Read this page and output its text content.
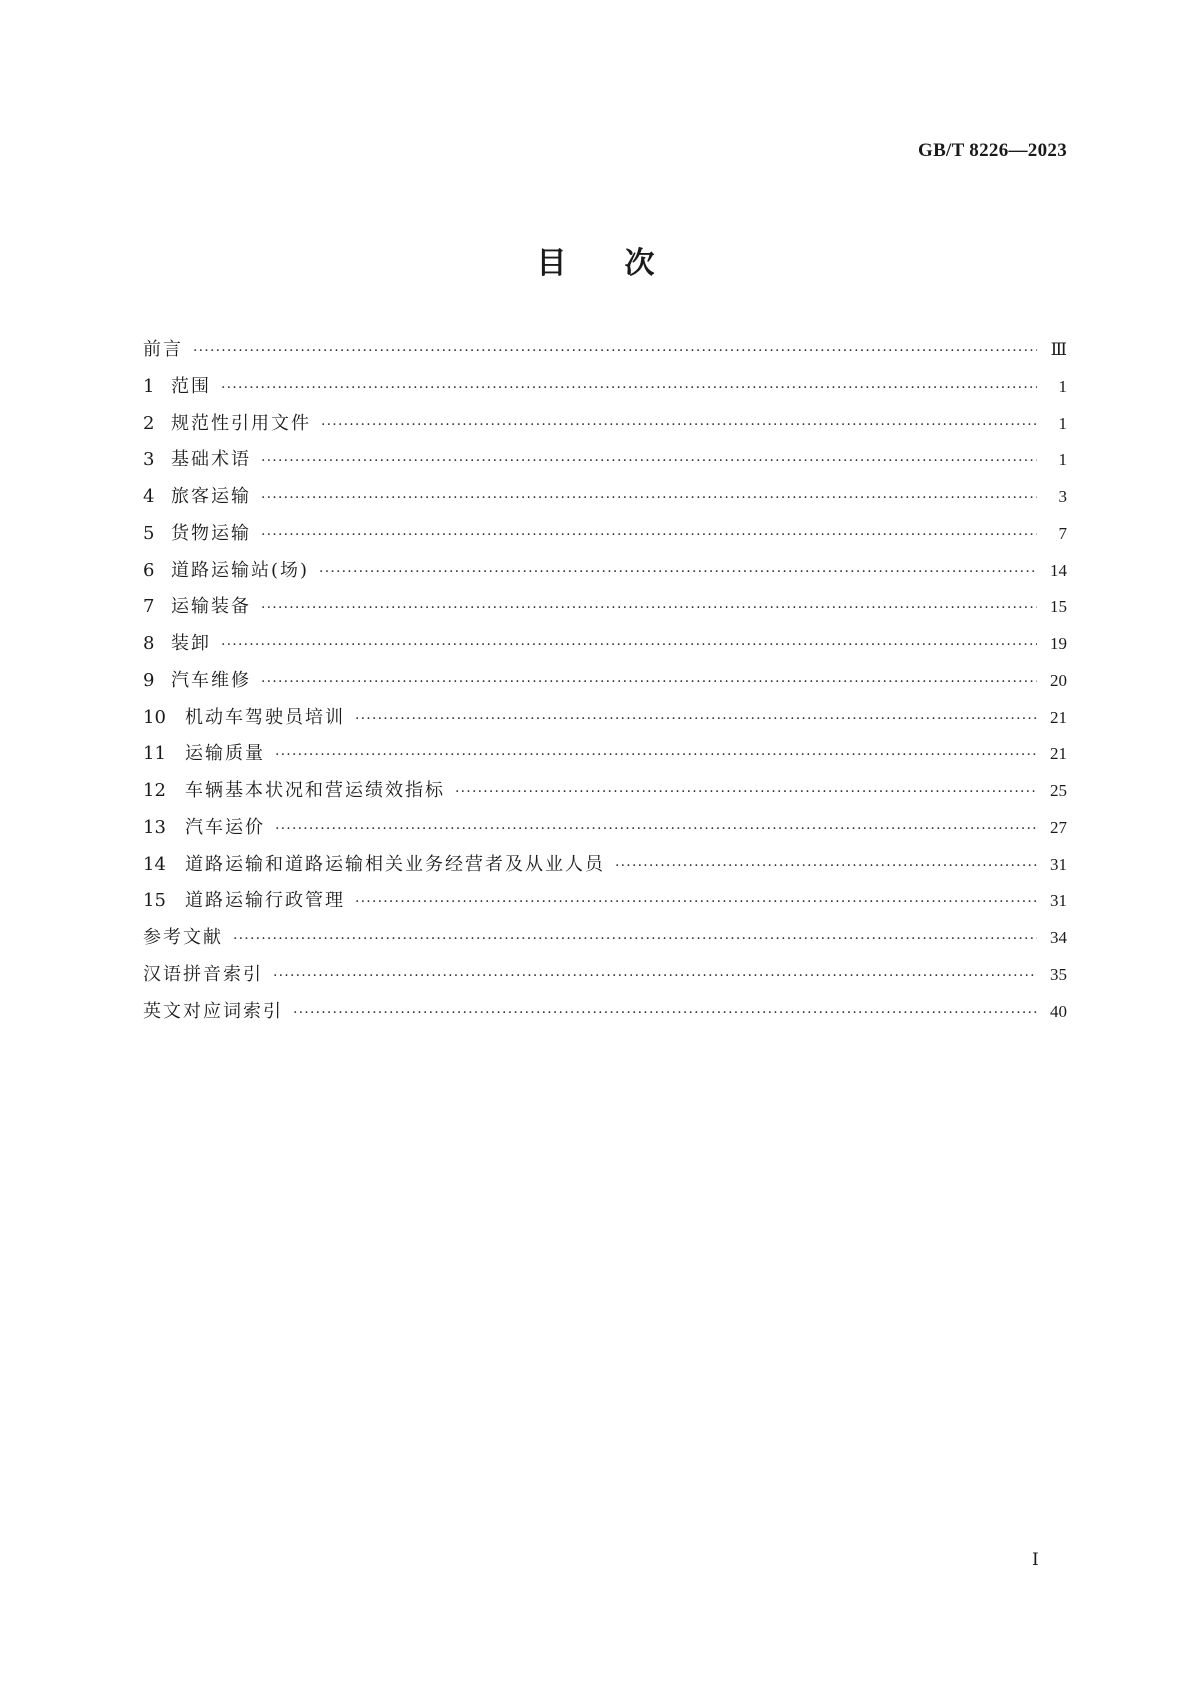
GB/T 8226—2023
目次
前言 ·····	Ⅲ
1 范围 ·····	1
2 规范性引用文件 ·····	1
3 基础术语 ·····	1
4 旅客运输 ·····	3
5 货物运输 ·····	7
6 道路运输站(场) ·····	14
7 运输装备 ·····	15
8 装卸 ·····	19
9 汽车维修 ·····	20
10	机动车驾驶员培训 ·····	21
11	运输质量 ·····	21
12	车辆基本状况和营运绩效指标 ·····	25
13	汽车运价 ·····	27
14	道路运输和道路运输相关业务经营者及从业人员 ·····	31
15	道路运输行政管理 ·····	31
参考文献 ·····	34
汉语拼音索引 ·····	35
英文对应词索引 ·····	40
Ⅰ
